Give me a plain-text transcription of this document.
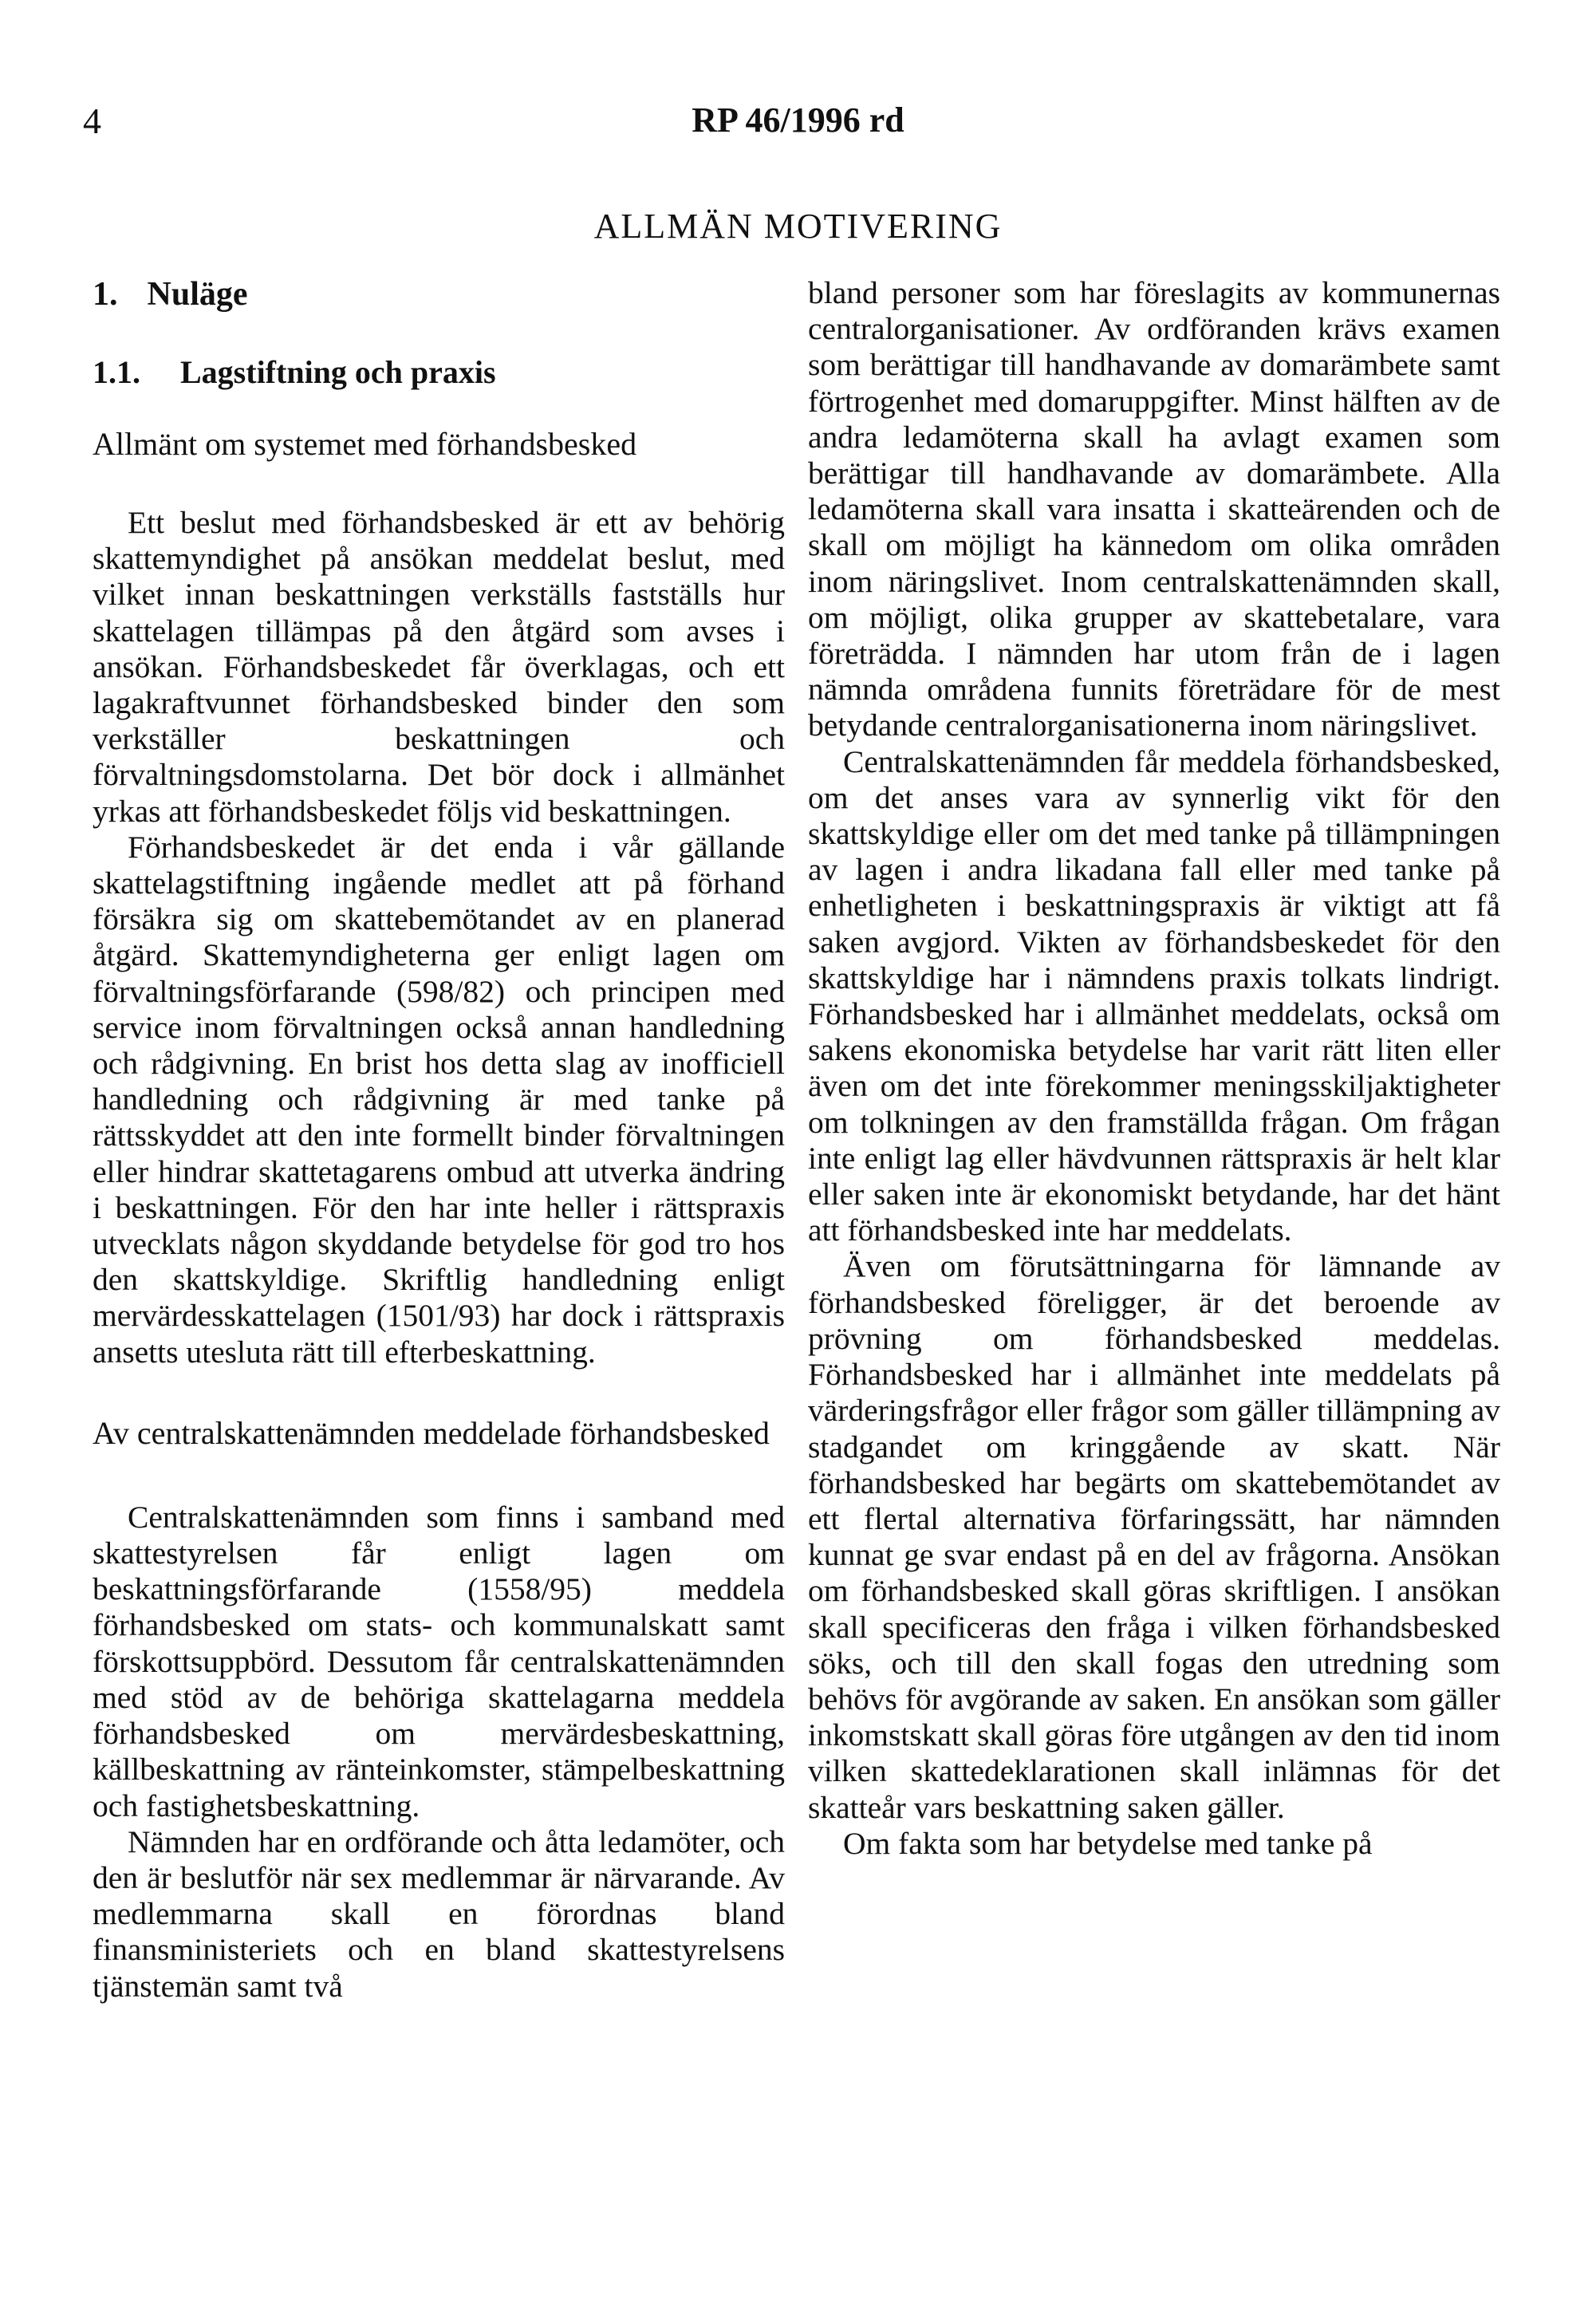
4	RP 46/1996 rd
ALLMÄN MOTIVERING
1. Nuläge
1.1. Lagstiftning och praxis
Allmänt om systemet med förhandsbesked

Ett beslut med förhandsbesked är ett av behörig skattemyndighet på ansökan meddelat beslut, med vilket innan beskattningen verkställs fastställs hur skattelagen tillämpas på den åtgärd som avses i ansökan. Förhandsbeskedet får överklagas, och ett lagakraftvunnet förhandsbesked binder den som verkställer beskattningen och förvaltningsdomstolarna. Det bör dock i allmänhet yrkas att förhandsbeskedet följs vid beskattningen.

Förhandsbeskedet är det enda i vår gällande skattelagstiftning ingående medlet att på förhand försäkra sig om skattebemötandet av en planerad åtgärd. Skattemyndigheterna ger enligt lagen om förvaltningsförfarande (598/82) och principen med service inom förvaltningen också annan handledning och rådgivning. En brist hos detta slag av inofficiell handledning och rådgivning är med tanke på rättsskyddet att den inte formellt binder förvaltningen eller hindrar skattetagarens ombud att utverka ändring i beskattningen. För den har inte heller i rättspraxis utvecklats någon skyddande betydelse för god tro hos den skattskyldige. Skriftlig handledning enligt mervärdesskattelagen (1501/93) har dock i rättspraxis ansetts utesluta rätt till efterbeskattning.

Av centralskattenämnden meddelade förhandsbesked

Centralskattenämnden som finns i samband med skattestyrelsen får enligt lagen om beskattningsförfarande (1558/95) meddela förhandsbesked om stats- och kommunalskatt samt förskottsuppbörd. Dessutom får centralskattenämnden med stöd av de behöriga skattelagarna meddela förhandsbesked om mervärdesbeskattning, källbeskattning av ränteinkomster, stämpelbeskattning och fastighetsbeskattning.

Nämnden har en ordförande och åtta ledamöter, och den är beslutför när sex medlemmar är närvarande. Av medlemmarna skall en förordnas bland finansministeriets och en bland skattestyrelsens tjänstemän samt två

bland personer som har föreslagits av kommunernas centralorganisationer. Av ordföranden krävs examen som berättigar till handhavande av domarämbete samt förtrogenhet med domaruppgifter. Minst hälften av de andra ledamöterna skall ha avlagt examen som berättigar till handhavande av domarämbete. Alla ledamöterna skall vara insatta i skatteärenden och de skall om möjligt ha kännedom om olika områden inom näringslivet. Inom centralskattenämnden skall, om möjligt, olika grupper av skattebetalare, vara företrädda. I nämnden har utom från de i lagen nämnda områdena funnits företrädare för de mest betydande centralorganisationerna inom näringslivet.

Centralskattenämnden får meddela förhandsbesked, om det anses vara av synnerlig vikt för den skattskyldige eller om det med tanke på tillämpningen av lagen i andra likadana fall eller med tanke på enhetligheten i beskattningspraxis är viktigt att få saken avgjord. Vikten av förhandsbeskedet för den skattskyldige har i nämndens praxis tolkats lindrigt. Förhandsbesked har i allmänhet meddelats, också om sakens ekonomiska betydelse har varit rätt liten eller även om det inte förekommer meningsskiljaktigheter om tolkningen av den framställda frågan. Om frågan inte enligt lag eller hävdvunnen rättspraxis är helt klar eller saken inte är ekonomiskt betydande, har det hänt att förhandsbesked inte har meddelats.

Även om förutsättningarna för lämnande av förhandsbesked föreligger, är det beroende av prövning om förhandsbesked meddelas. Förhandsbesked har i allmänhet inte meddelats på värderingsfrågor eller frågor som gäller tillämpning av stadgandet om kringgående av skatt. När förhandsbesked har begärts om skattebemötandet av ett flertal alternativa förfaringssätt, har nämnden kunnat ge svar endast på en del av frågorna. Ansökan om förhandsbesked skall göras skriftligen. I ansökan skall specificeras den fråga i vilken förhandsbesked söks, och till den skall fogas den utredning som behövs för avgörande av saken. En ansökan som gäller inkomstskatt skall göras före utgången av den tid inom vilken skattedeklarationen skall inlämnas för det skatteår vars beskattning saken gäller.

Om fakta som har betydelse med tanke på
